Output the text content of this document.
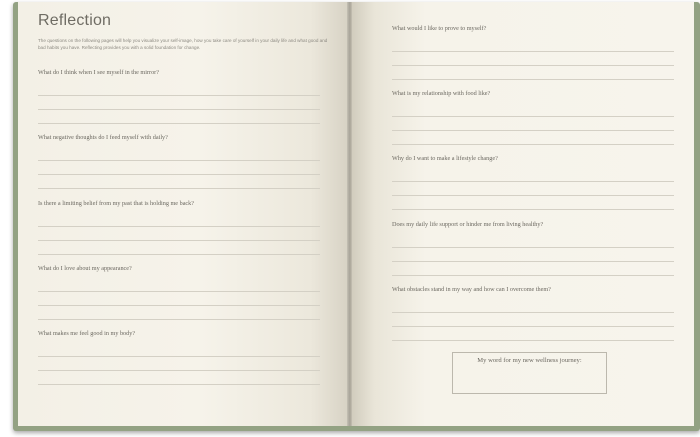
Reflection
The questions on the following pages will help you visualize your self-image, how you take care of yourself in your daily life and what good and bad habits you have. Reflecting provides you with a solid foundation for change.
What do I think when I see myself in the mirror?
What negative thoughts do I feed myself with daily?
Is there a limiting belief from my past that is holding me back?
What do I love about my appearance?
What makes me feel good in my body?
What would I like to prove to myself?
What is my relationship with food like?
Why do I want to make a lifestyle change?
Does my daily life support or hinder me from living healthy?
What obstacles stand in my way and how can I overcome them?
My word for my new wellness journey:
